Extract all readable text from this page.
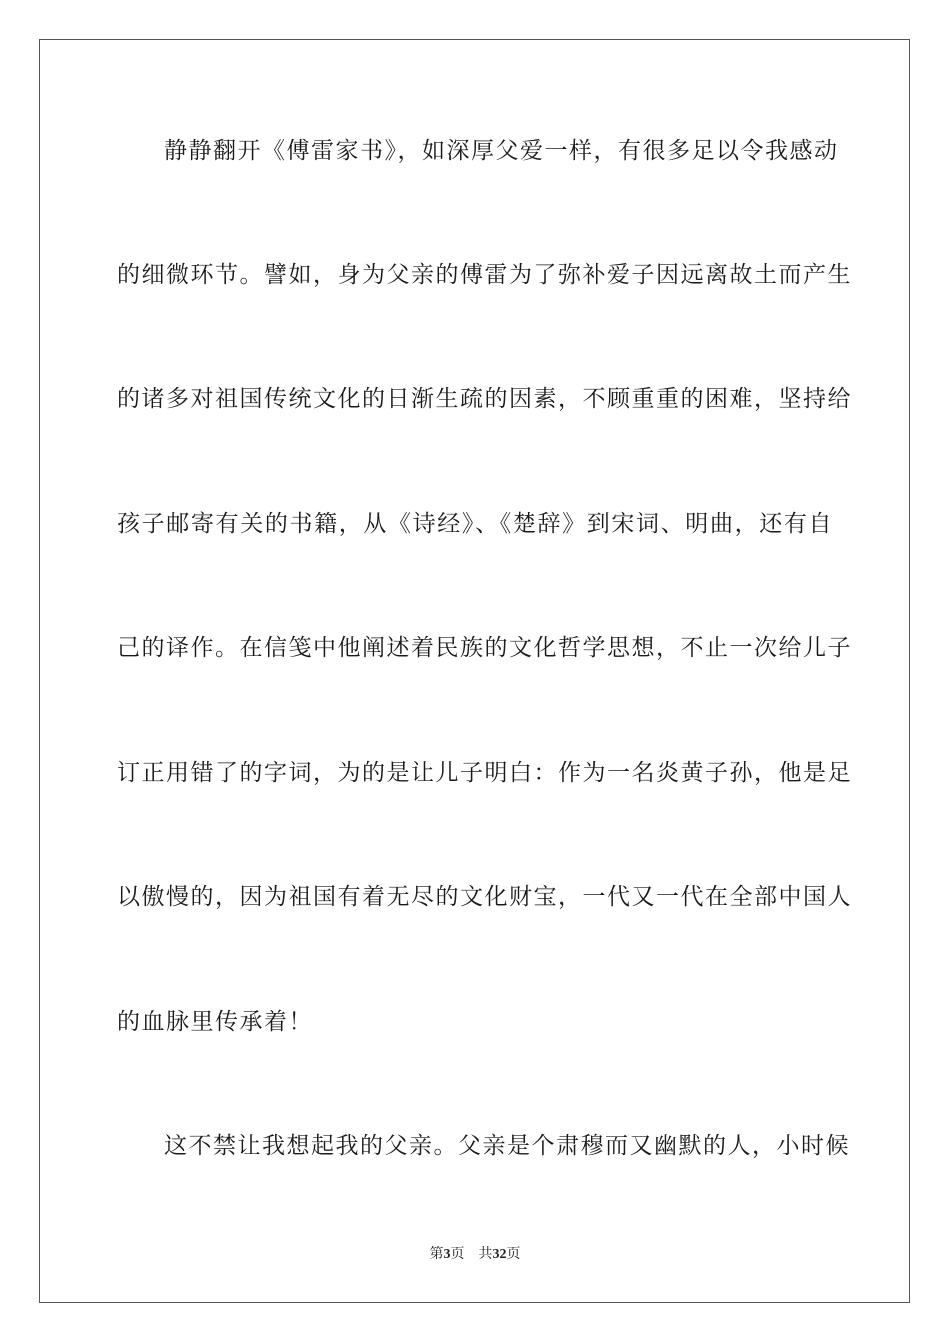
静静翻开《傅雷家书》，如深厚父爱一样，有很多足以令我感动
的细微环节。譬如，身为父亲的傅雷为了弥补爱子因远离故土而产生
的诸多对祖国传统文化的日渐生疏的因素，不顾重重的困难，坚持给
孩子邮寄有关的书籍，从《诗经》、《楚辞》到宋词、明曲，还有自
己的译作。在信笺中他阐述着民族的文化哲学思想，不止一次给儿子
订正用错了的字词，为的是让儿子明白：作为一名炎黄子孙，他是足
以傲慢的，因为祖国有着无尽的文化财宝，一代又一代在全部中国人
的血脉里传承着！
这不禁让我想起我的父亲。父亲是个肃穆而又幽默的人，小时候
第3页 共32页
